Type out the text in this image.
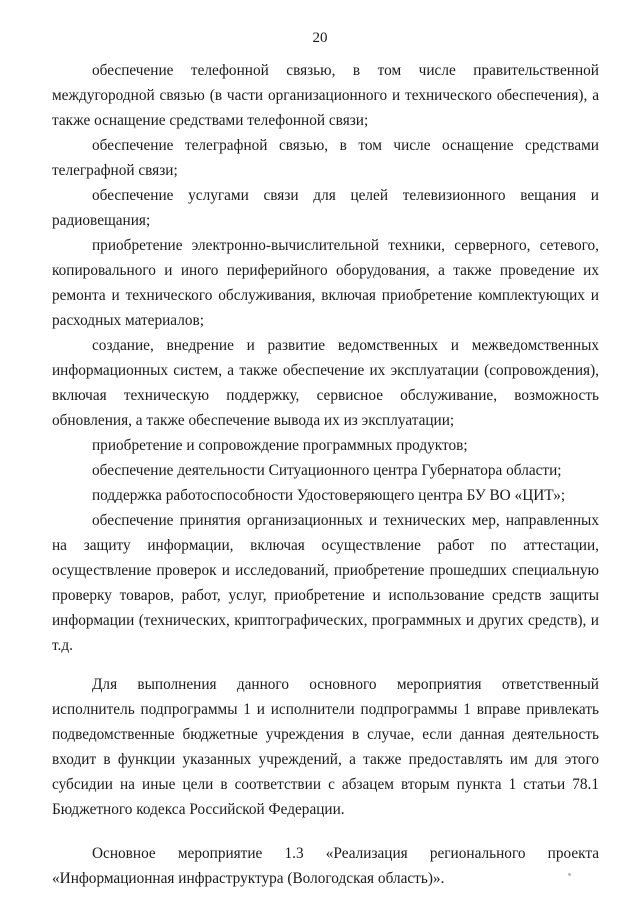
20

обеспечение телефонной связью, в том числе правительственной междугородной связью (в части организационного и технического обеспечения), а также оснащение средствами телефонной связи;

обеспечение телеграфной связью, в том числе оснащение средствами телеграфной связи;

обеспечение услугами связи для целей телевизионного вещания и радиовещания;

приобретение электронно-вычислительной техники, серверного, сетевого, копировального и иного периферийного оборудования, а также проведение их ремонта и технического обслуживания, включая приобретение комплектующих и расходных материалов;

создание, внедрение и развитие ведомственных и межведомственных информационных систем, а также обеспечение их эксплуатации (сопровождения), включая техническую поддержку, сервисное обслуживание, возможность обновления, а также обеспечение вывода их из эксплуатации;

приобретение и сопровождение программных продуктов;

обеспечение деятельности Ситуационного центра Губернатора области;

поддержка работоспособности Удостоверяющего центра БУ ВО «ЦИТ»;

обеспечение принятия организационных и технических мер, направленных на защиту информации, включая осуществление работ по аттестации, осуществление проверок и исследований, приобретение прошедших специальную проверку товаров, работ, услуг, приобретение и использование средств защиты информации (технических, криптографических, программных и других средств), и т.д.

Для выполнения данного основного мероприятия ответственный исполнитель подпрограммы 1 и исполнители подпрограммы 1 вправе привлекать подведомственные бюджетные учреждения в случае, если данная деятельность входит в функции указанных учреждений, а также предоставлять им для этого субсидии на иные цели в соответствии с абзацем вторым пункта 1 статьи 78.1 Бюджетного кодекса Российской Федерации.

Основное мероприятие 1.3 «Реализация регионального проекта «Информационная инфраструктура (Вологодская область)».
